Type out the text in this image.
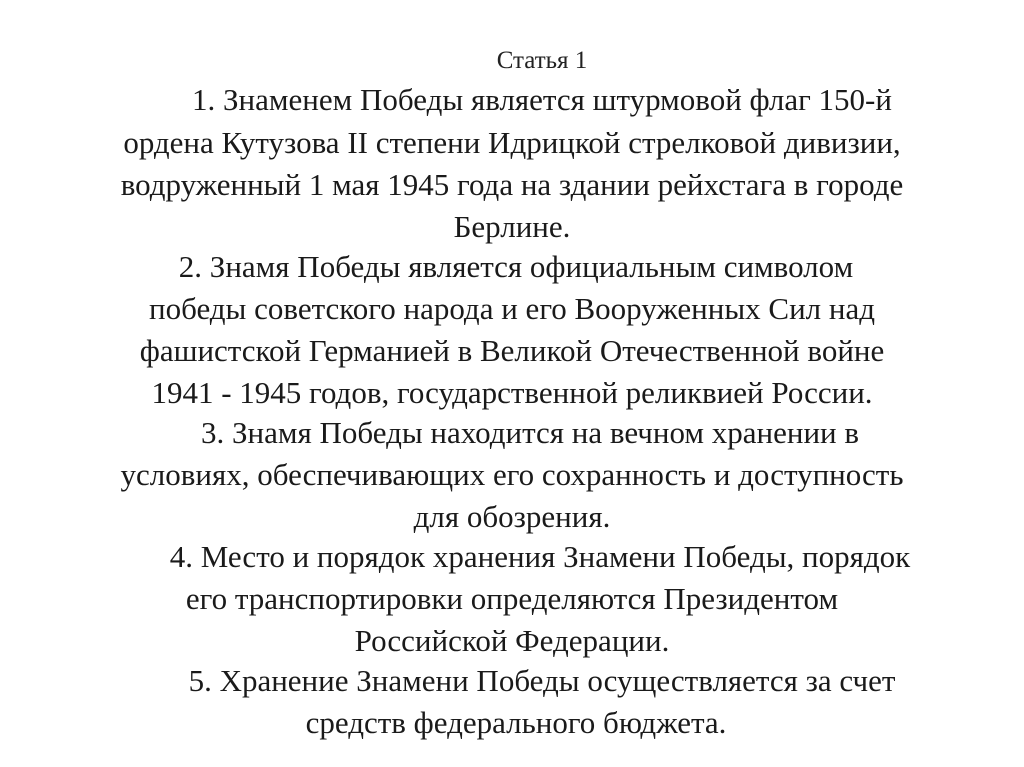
Статья 1
1. Знаменем Победы является штурмовой флаг 150-й
ордена Кутузова II степени Идрицкой стрелковой дивизии,
водруженный 1 мая 1945 года на здании рейхстага в городе
Берлине.
2. Знамя Победы является официальным символом
победы советского народа и его Вооруженных Сил над
фашистской Германией в Великой Отечественной войне
1941 - 1945 годов, государственной реликвией России.
3. Знамя Победы находится на вечном хранении в
условиях, обеспечивающих его сохранность и доступность
для обозрения.
4. Место и порядок хранения Знамени Победы, порядок
его транспортировки определяются Президентом
Российской Федерации.
5. Хранение Знамени Победы осуществляется за счет
средств федерального бюджета.
